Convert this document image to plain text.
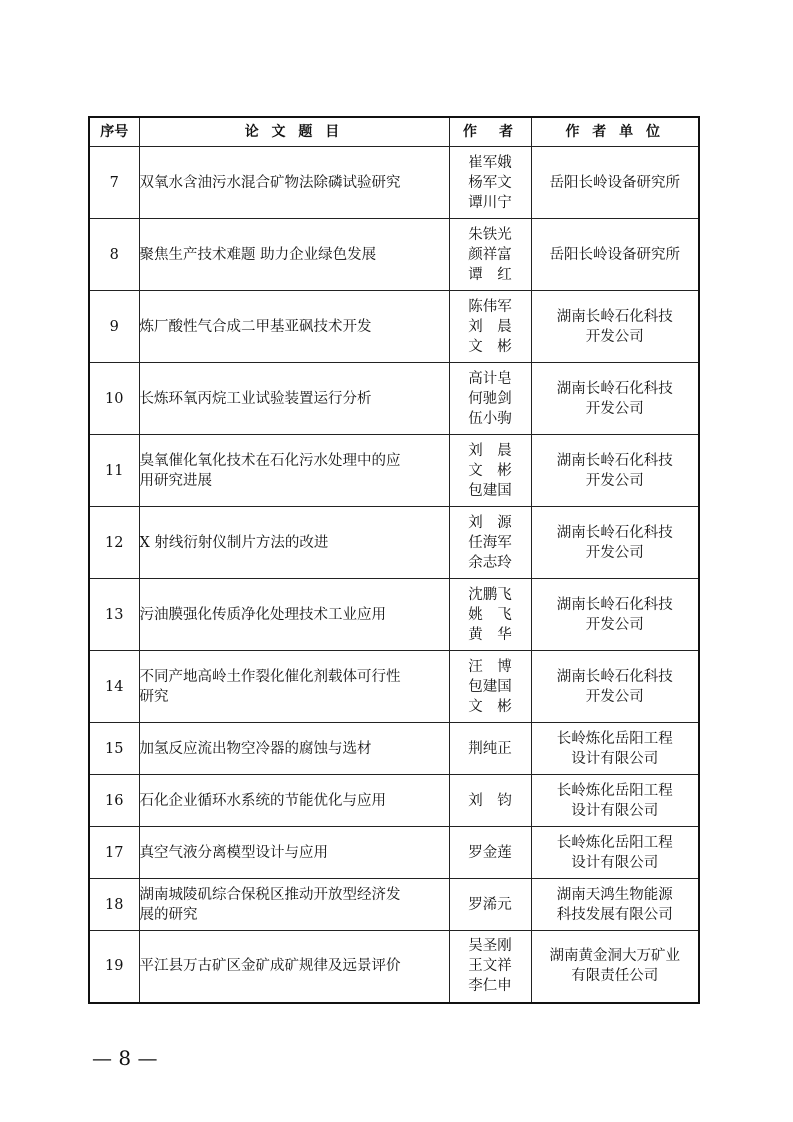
序号	论 文 题 目	作　者	作 者 单 位
7	双氧水含油污水混合矿物法除磷试验研究	崔军娥
杨军文
谭川宁	岳阳长岭设备研究所

8	聚焦生产技术难题 助力企业绿色发展	朱铁光
颜祥富
谭　红	岳阳长岭设备研究所

9	炼厂酸性气合成二甲基亚砜技术开发	陈伟军
刘　晨
文　彬	湖南长岭石化科技
开发公司

10	长炼环氧丙烷工业试验装置运行分析	高计皂
何驰剑
伍小驹	湖南长岭石化科技
开发公司

11	臭氧催化氧化技术在石化污水处理中的应
用研究进展	刘　晨
文　彬
包建国	湖南长岭石化科技
开发公司

12	X 射线衍射仪制片方法的改进	刘　源
任海军
余志玲	湖南长岭石化科技
开发公司

13	污油膜强化传质净化处理技术工业应用	沈鹏飞
姚　飞
黄　华	湖南长岭石化科技
开发公司

14	不同产地高岭土作裂化催化剂载体可行性
研究	汪　博
包建国
文　彬	湖南长岭石化科技
开发公司

15	加氢反应流出物空冷器的腐蚀与选材	荆纯正	长岭炼化岳阳工程
设计有限公司

16	石化企业循环水系统的节能优化与应用	刘　钧	长岭炼化岳阳工程
设计有限公司

17	真空气液分离模型设计与应用	罗金莲	长岭炼化岳阳工程
设计有限公司

18	湖南城陵矶综合保税区推动开放型经济发
展的研究	罗浠元	湖南天鸿生物能源
科技发展有限公司

19	平江县万古矿区金矿成矿规律及远景评价	吴圣刚
王文祥
李仁申	湖南黄金洞大万矿业
有限责任公司
— 8 —
